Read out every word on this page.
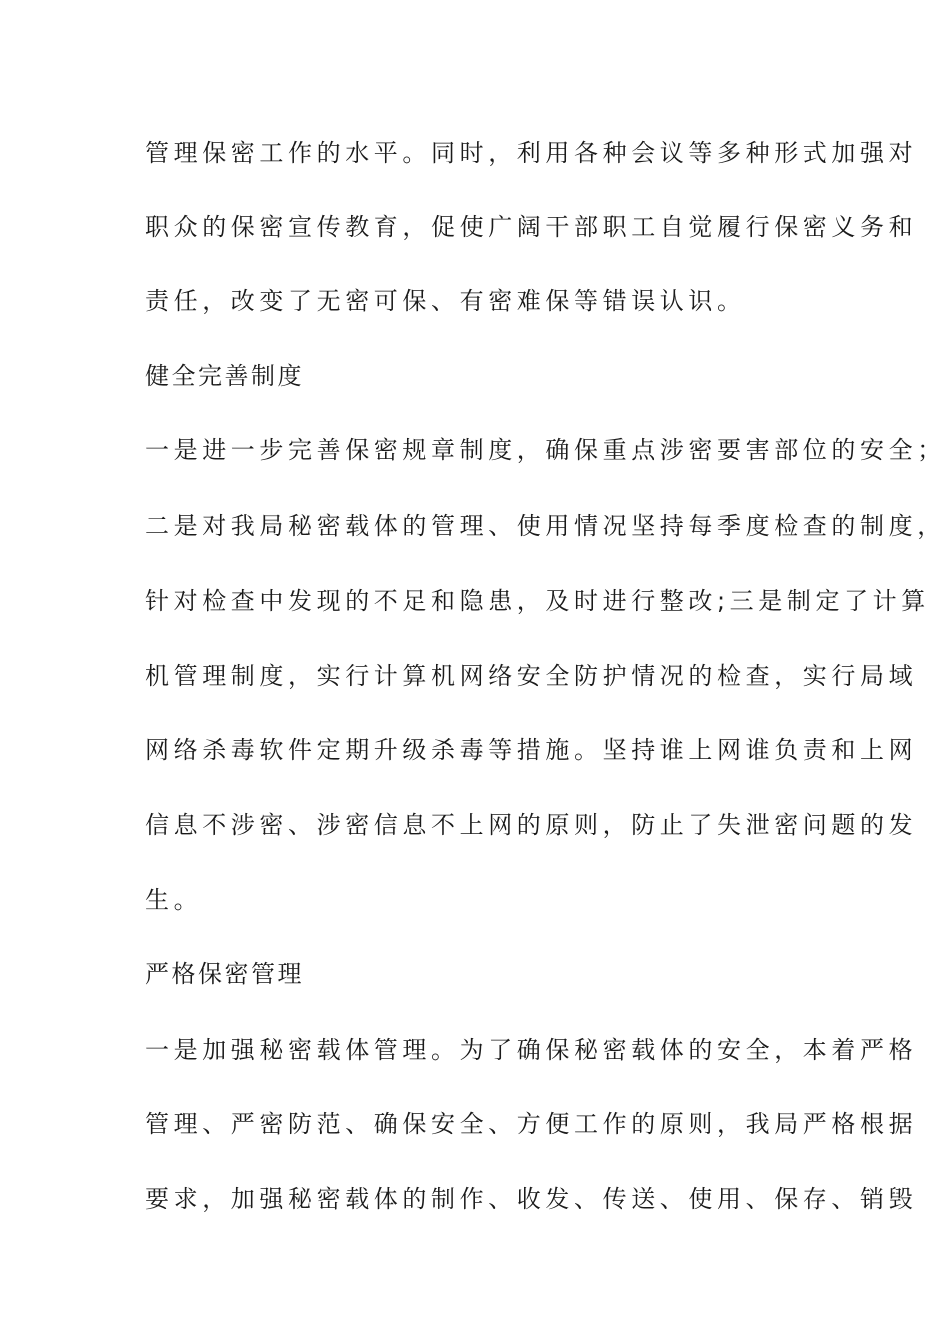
管理保密工作的水平。同时，利用各种会议等多种形式加强对
职众的保密宣传教育，促使广阔干部职工自觉履行保密义务和
责任，改变了无密可保、有密难保等错误认识。
健全完善制度
一是进一步完善保密规章制度，确保重点涉密要害部位的安全；
二是对我局秘密载体的管理、使用情况坚持每季度检查的制度，
针对检查中发现的不足和隐患，及时进行整改;三是制定了计算
机管理制度，实行计算机网络安全防护情况的检查，实行局域
网络杀毒软件定期升级杀毒等措施。坚持谁上网谁负责和上网
信息不涉密、涉密信息不上网的原则，防止了失泄密问题的发
生。
严格保密管理
一是加强秘密载体管理。为了确保秘密载体的安全，本着严格
管理、严密防范、确保安全、方便工作的原则，我局严格根据
要求，加强秘密载体的制作、收发、传送、使用、保存、销毁
